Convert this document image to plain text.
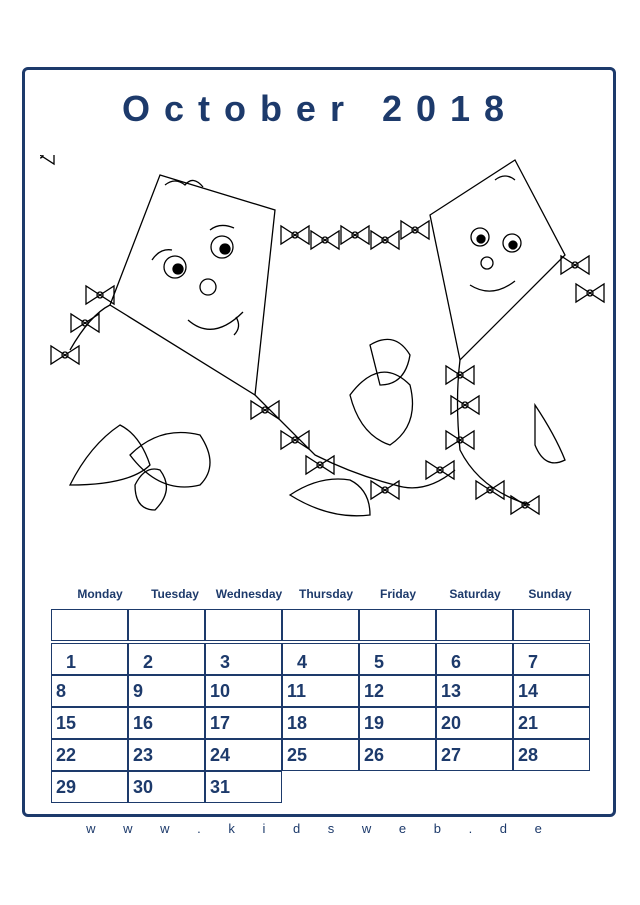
October 2018
Monday	Tuesday	Wednesday	Thursday	Friday	Saturday	Sunday
1	2	3	4	5	6	7
8	9	10	11	12	13	14
15	16	17	18	19	20	21
22	23	24	25	26	27	28
29	30	31
w w w . k i d s w e b . d e
